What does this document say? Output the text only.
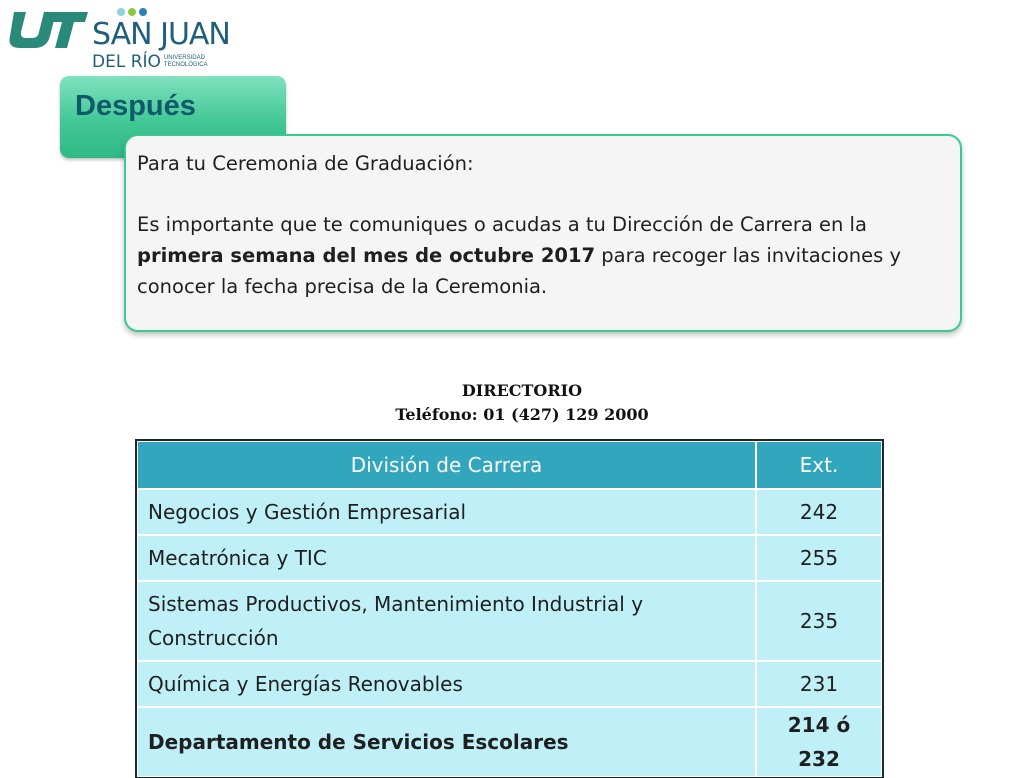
SAN JUAN
DEL RÍO UNIVERSIDAD
TECNOLÓGICA
Después

Para tu Ceremonia de Graduación:

Es importante que te comuniques o acudas a tu Dirección de Carrera en la primera semana del mes de octubre 2017 para recoger las invitaciones y conocer la fecha precisa de la Ceremonia.

DIRECTORIO
Teléfono: 01 (427) 129 2000
División de Carrera	Ext.
Negocios y Gestión Empresarial	242
Mecatrónica y TIC	255
Sistemas Productivos, Mantenimiento Industrial y Construcción	235
Química y Energías Renovables	231
Departamento de Servicios Escolares	214 ó 232
